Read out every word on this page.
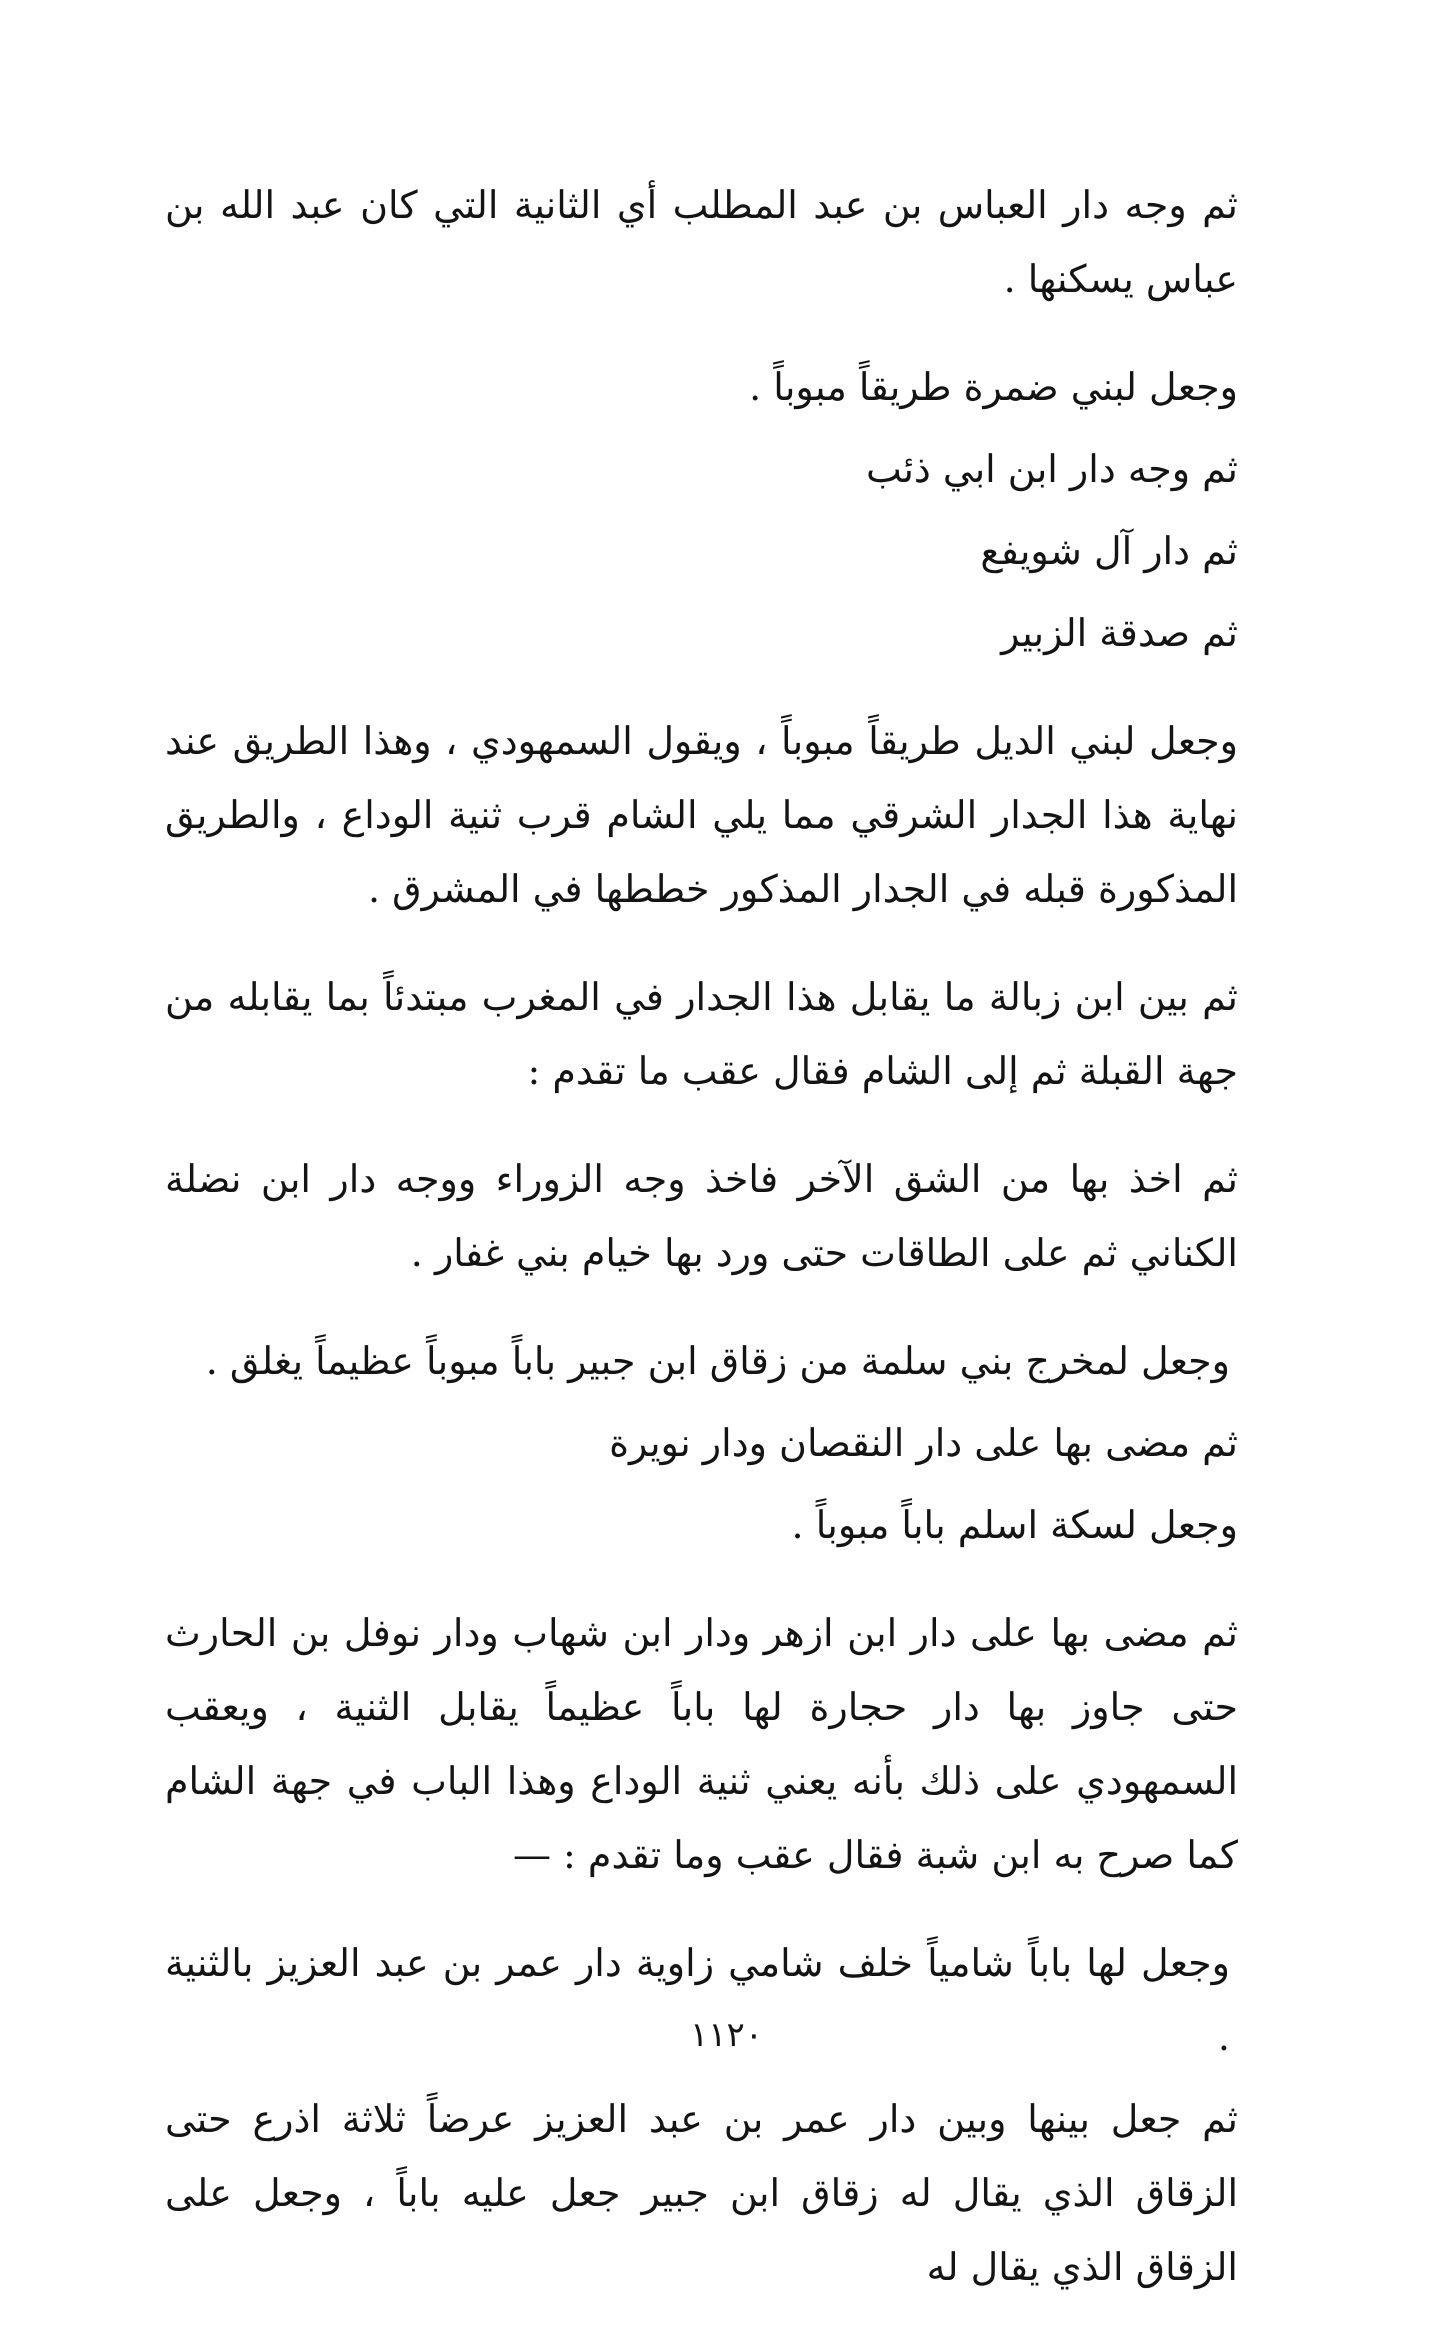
ثم وجه دار العباس بن عبد المطلب أي الثانية التي كان عبد الله بن عباس يسكنها .

وجعل لبني ضمرة طريقاً مبوباً .

ثم وجه دار ابن ابي ذئب

ثم دار آل شويفع

ثم صدقة الزبير

وجعل لبني الديل طريقاً مبوباً ، ويقول السمهودي ، وهذا الطريق عند نهاية هذا الجدار الشرقي مما يلي الشام قرب ثنية الوداع ، والطريق المذكورة قبله في الجدار المذكور خططها في المشرق .

ثم بين ابن زبالة ما يقابل هذا الجدار في المغرب مبتدئاً بما يقابله من جهة القبلة ثم إلى الشام فقال عقب ما تقدم :

ثم اخذ بها من الشق الآخر فاخذ وجه الزوراء ووجه دار ابن نضلة الكناني ثم على الطاقات حتى ورد بها خيام بني غفار .

وجعل لمخرج بني سلمة من زقاق ابن جبير باباً مبوباً عظيماً يغلق .

ثم مضى بها على دار النقصان ودار نويرة

وجعل لسكة اسلم باباً مبوباً .

ثم مضى بها على دار ابن ازهر ودار ابن شهاب ودار نوفل بن الحارث حتى جاوز بها دار حجارة لها باباً عظيماً يقابل الثنية ، ويعقب السمهودي على ذلك بأنه يعني ثنية الوداع وهذا الباب في جهة الشام كما صرح به ابن شبة فقال عقب وما تقدم : —

وجعل لها باباً شامياً خلف شامي زاوية دار عمر بن عبد العزيز بالثنية .

ثم جعل بينها وبين دار عمر بن عبد العزيز عرضاً ثلاثة اذرع حتى الزقاق الذي يقال له زقاق ابن جبير جعل عليه باباً ، وجعل على الزقاق الذي يقال له

١١٢٠
